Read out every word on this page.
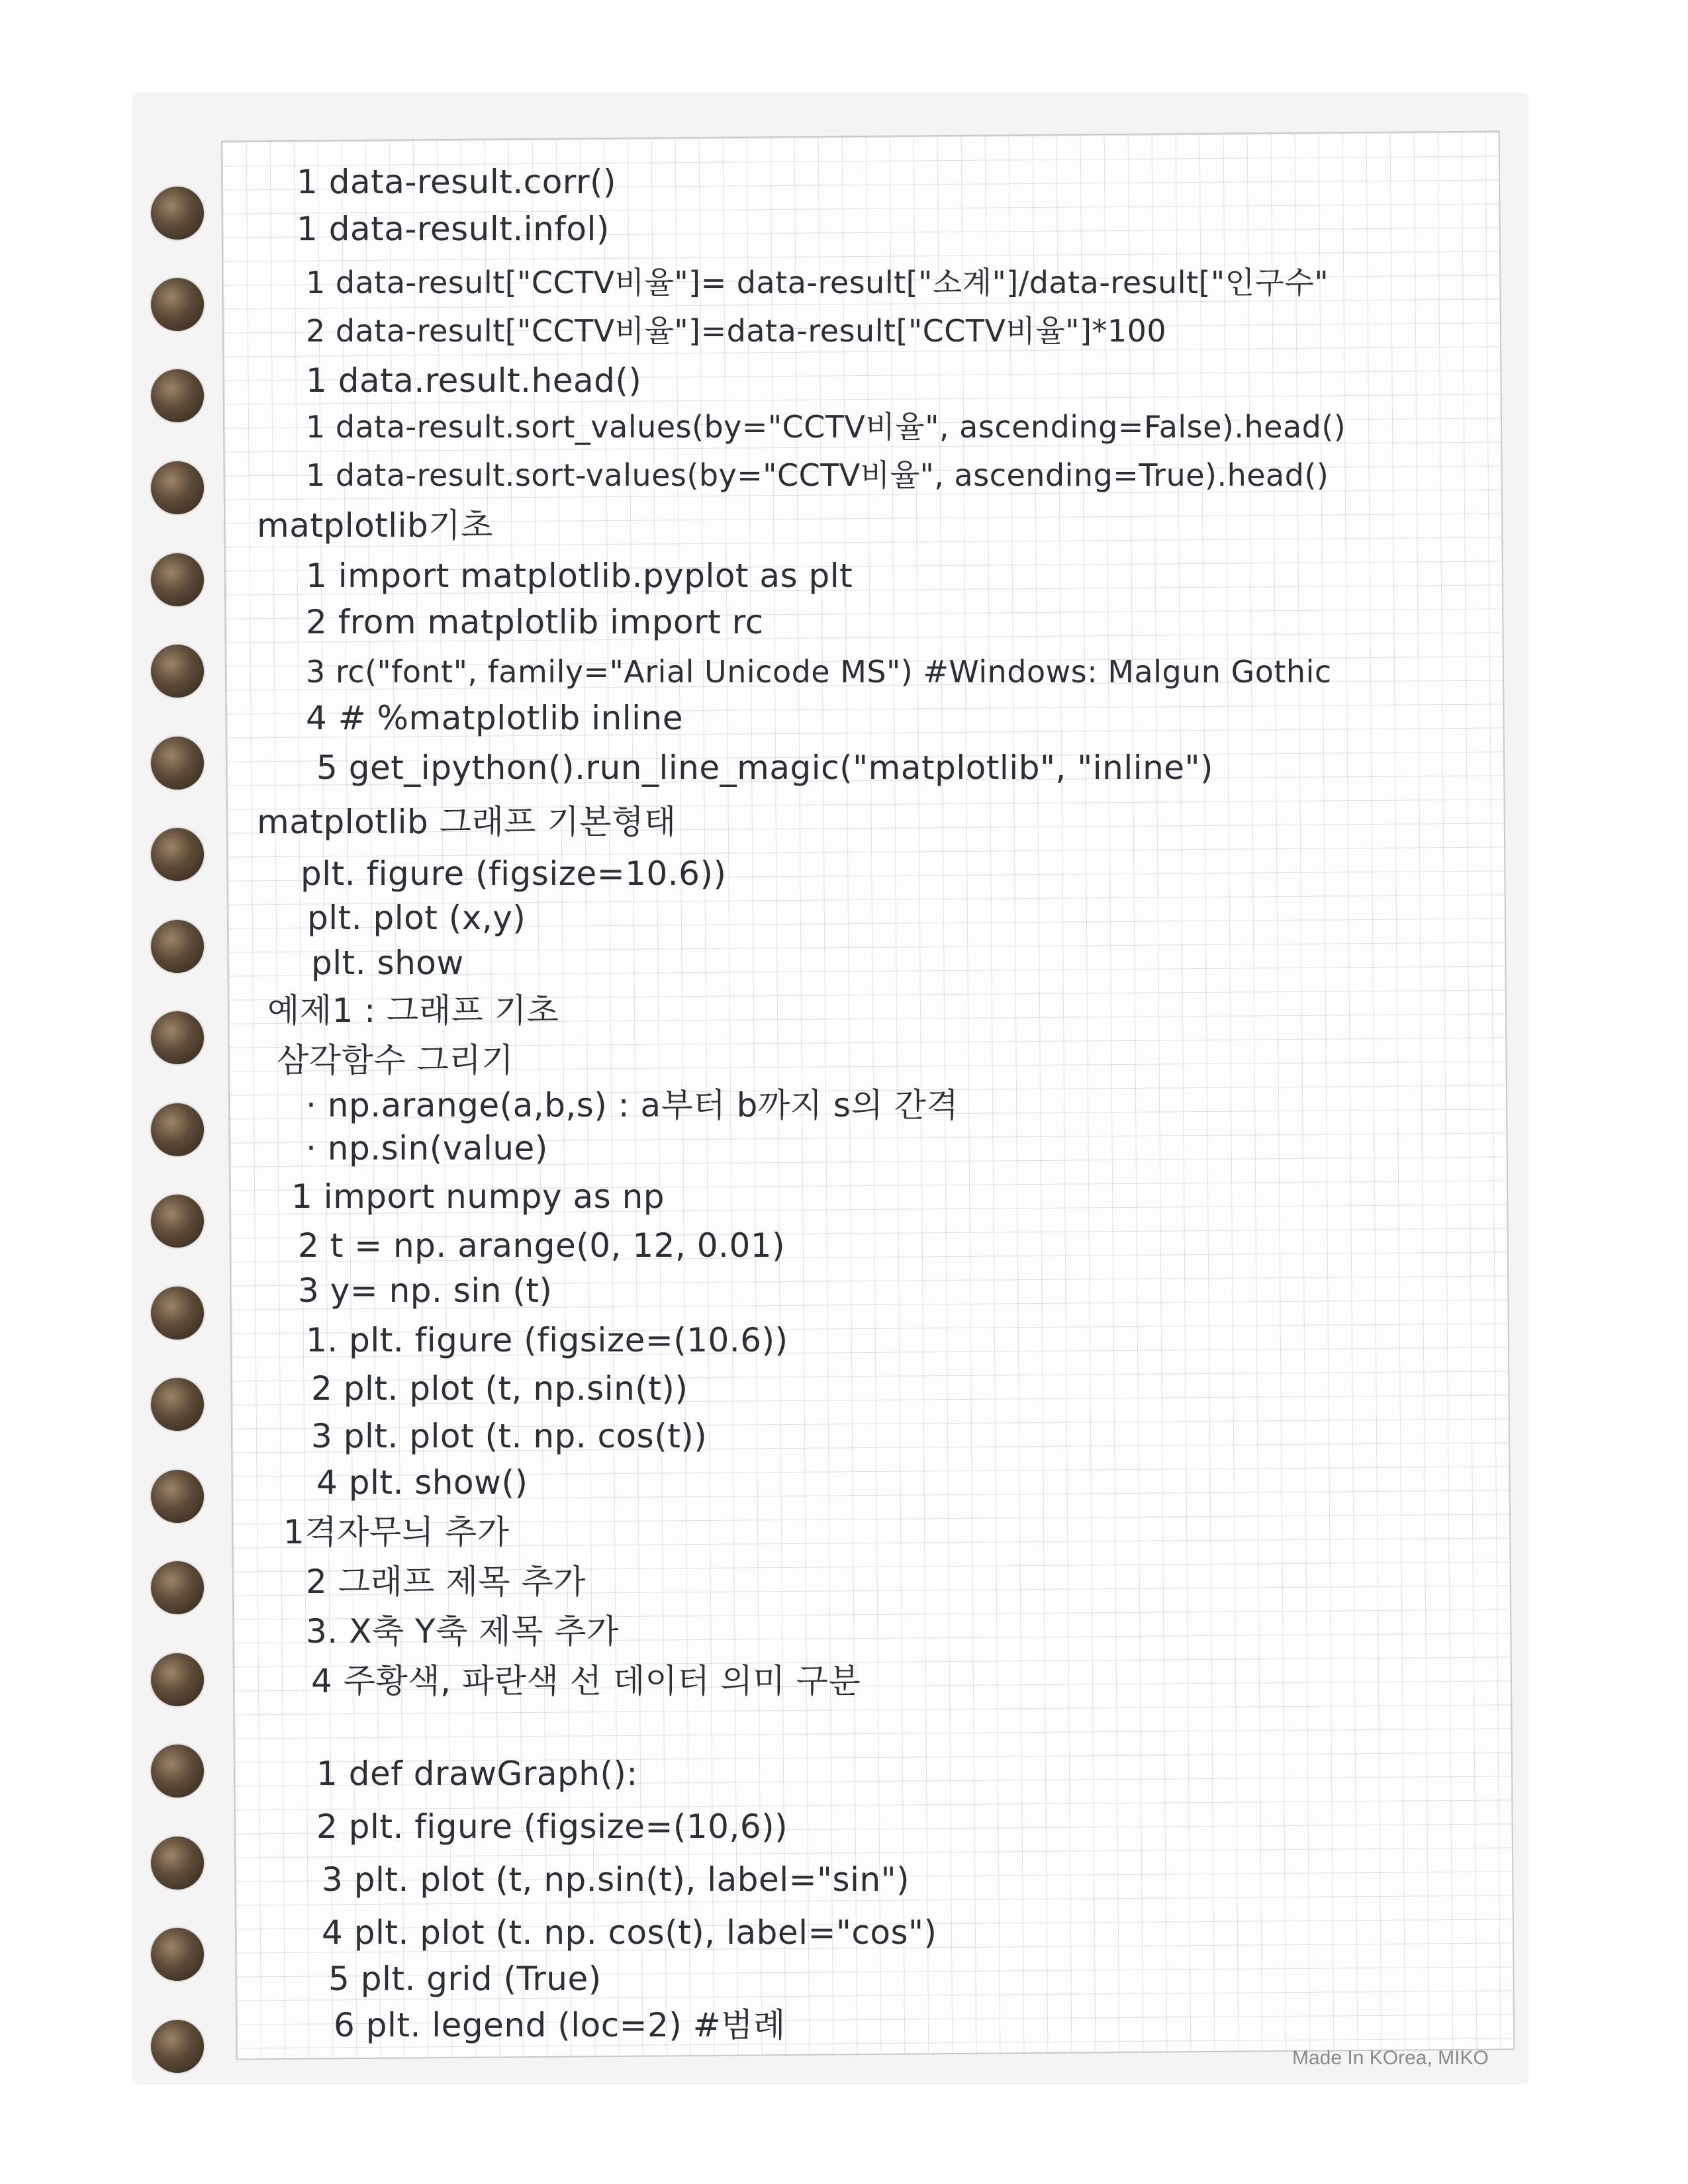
1 data-result.corr()
1 data-result.infol)
1 data-result["CCTV비율"]= data-result["소계"]/data-result["인구수"
2 data-result["CCTV비율"]=data-result["CCTV비율"]*100
1 data.result.head()
1 data-result.sort_values(by="CCTV비율", ascending=False).head()
1 data-result.sort-values(by="CCTV비율", ascending=True).head()
matplotlib기초
1 import matplotlib.pyplot as plt
2 from matplotlib import rc
3 rc("font", family="Arial Unicode MS") #Windows: Malgun Gothic
4 # %matplotlib inline
5 get_ipython().run_line_magic("matplotlib", "inline")
matplotlib 그래프 기본형태
plt. figure (figsize=10.6))
plt. plot (x,y)
plt. show
예제1 : 그래프 기초
삼각함수 그리기
· np.arange(a,b,s) : a부터 b까지 s의 간격
· np.sin(value)
1 import numpy as np
2 t = np. arange(0, 12, 0.01)
3 y= np. sin (t)
1. plt. figure (figsize=(10.6))
2 plt. plot (t, np.sin(t))
3 plt. plot (t. np. cos(t))
4 plt. show()
1격자무늬 추가
2 그래프 제목 추가
3. X축 Y축 제목 추가
4 주황색, 파란색 선 데이터 의미 구분
1 def drawGraph():
2 plt. figure (figsize=(10,6))
3 plt. plot (t, np.sin(t), label="sin")
4 plt. plot (t. np. cos(t), label="cos")
5 plt. grid (True)
6 plt. legend (loc=2) #범례
Made In KOrea, MIKO
